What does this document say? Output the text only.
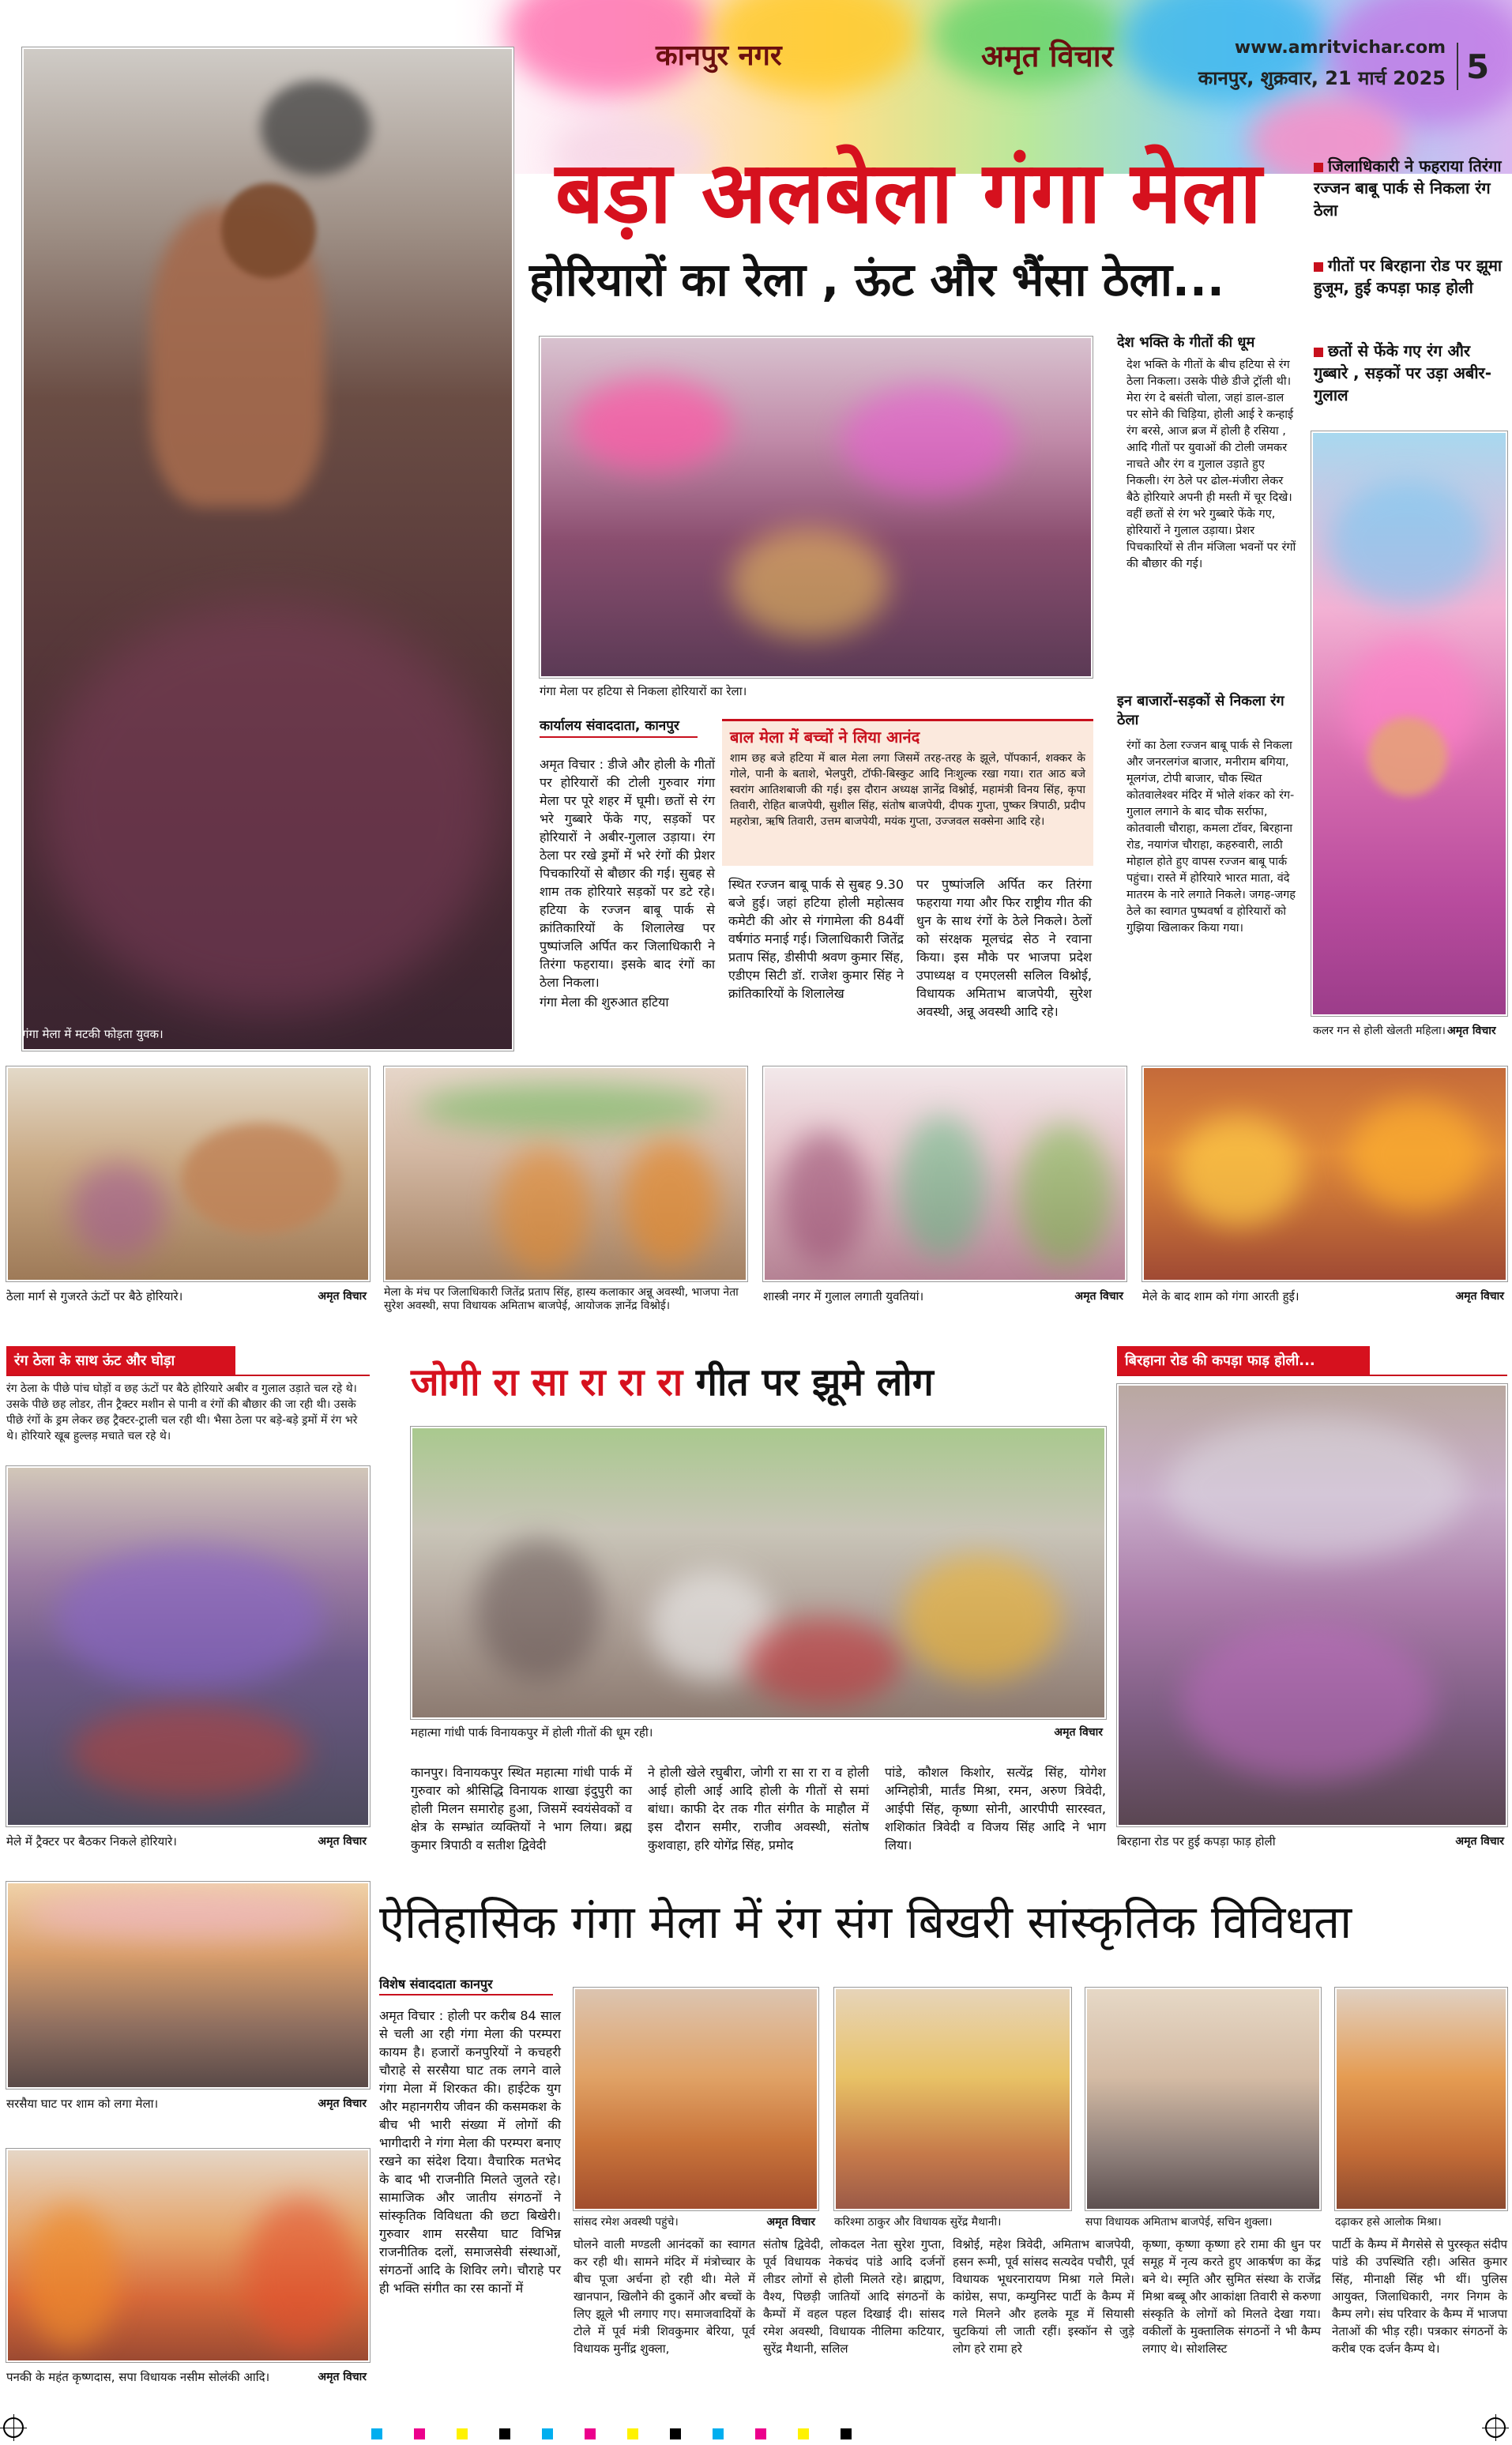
कानपुर नगर	अमृत विचार	www.amritvichar.com
कानपुर, शुक्रवार, 21 मार्च 2025 5
बड़ा अलबेला गंगा मेला
होरियारों का रेला , ऊंट और भैंसा ठेला...
गंगा मेला में मटकी फोड़ता युवक।
गंगा मेला पर हटिया से निकला होरियारों का रेला।
जिलाधिकारी ने फहराया तिरंगा रज्जन बाबू पार्क से निकला रंग ठेला
गीतों पर बिरहाना रोड पर झूमा हुजूम, हुई कपड़ा फाड़ होली
छतों से फेंके गए रंग और गुब्बारे , सड़कों पर उड़ा अबीर-गुलाल
देश भक्ति के गीतों की धूम
देश भक्ति के गीतों के बीच हटिया से रंग ठेला निकला। उसके पीछे डीजे ट्रॉली थी। मेरा रंग दे बसंती चोला, जहां डाल-डाल पर सोने की चिड़िया, होली आई रे कन्हाई रंग बरसे, आज ब्रज में होली है रसिया , आदि गीतों पर युवाओं की टोली जमकर नाचते और रंग व गुलाल उड़ाते हुए निकली। रंग ठेले पर ढोल-मंजीरा लेकर बैठे होरियारे अपनी ही मस्ती में चूर दिखे। वहीं छतों से रंग भरे गुब्बारे फेंके गए, होरियारों ने गुलाल उड़ाया। प्रेशर पिचकारियों से तीन मंजिला भवनों पर रंगों की बौछार की गई।
इन बाजारों-सड़कों से निकला रंग ठेला
रंगों का ठेला रज्जन बाबू पार्क से निकला और जनरलगंज बाजार, मनीराम बगिया, मूलगंज, टोपी बाजार, चौक स्थित कोतवालेश्वर मंदिर में भोले शंकर को रंग-गुलाल लगाने के बाद चौक सर्राफा, कोतवाली चौराहा, कमला टॉवर, बिरहाना रोड, नयागंज चौराहा, कहरुवारी, लाठी मोहाल होते हुए वापस रज्जन बाबू पार्क पहुंचा। रास्ते में होरियारे भारत माता, वंदे मातरम के नारे लगाते निकले। जगह-जगह ठेले का स्वागत पुष्पवर्षा व होरियारों को गुझिया खिलाकर किया गया।
कलर गन से होली खेलती महिला। अमृत विचार
कार्यालय संवाददाता, कानपुर
अमृत विचार : डीजे और होली के गीतों पर होरियारों की टोली गुरुवार गंगा मेला पर पूरे शहर में घूमी। छतों से रंग भरे गुब्बारे फेंके गए, सड़कों पर होरियारों ने अबीर-गुलाल उड़ाया। रंग ठेला पर रखे ड्रमों में भरे रंगों की प्रेशर पिचकारियों से बौछार की गई। सुबह से शाम तक होरियारे सड़कों पर डटे रहे। हटिया के रज्जन बाबू पार्क से क्रांतिकारियों के शिलालेख पर पुष्पांजलि अर्पित कर जिलाधिकारी ने तिरंगा फहराया। इसके बाद रंगों का ठेला निकला।
गंगा मेला की शुरुआत हटिया
स्थित रज्जन बाबू पार्क से सुबह 9.30 बजे हुई। जहां हटिया होली महोत्सव कमेटी की ओर से गंगामेला की 84वीं वर्षगांठ मनाई गई। जिलाधिकारी जितेंद्र प्रताप सिंह, डीसीपी श्रवण कुमार सिंह, एडीएम सिटी डॉ. राजेश कुमार सिंह ने क्रांतिकारियों के शिलालेख
पर पुष्पांजलि अर्पित कर तिरंगा फहराया गया और फिर राष्ट्रीय गीत की धुन के साथ रंगों के ठेले निकले। ठेलों को संरक्षक मूलचंद्र सेठ ने रवाना किया। इस मौके पर भाजपा प्रदेश उपाध्यक्ष व एमएलसी सलिल विश्नोई, विधायक अमिताभ बाजपेयी, सुरेश अवस्थी, अन्नू अवस्थी आदि रहे।
बाल मेला में बच्चों ने लिया आनंद
शाम छह बजे हटिया में बाल मेला लगा जिसमें तरह-तरह के झूले, पॉपकार्न, शक्कर के गोले, पानी के बताशे, भेलपुरी, टॉफी-बिस्कुट आदि निःशुल्क रखा गया। रात आठ बजे स्वरांग आतिशबाजी की गई। इस दौरान अध्यक्ष ज्ञानेंद्र विश्नोई, महामंत्री विनय सिंह, कृपा तिवारी, रोहित बाजपेयी, सुशील सिंह, संतोष बाजपेयी, दीपक गुप्ता, पुष्कर त्रिपाठी, प्रदीप महरोत्रा, ऋषि तिवारी, उत्तम बाजपेयी, मयंक गुप्ता, उज्जवल सक्सेना आदि रहे।
ठेला मार्ग से गुजरते ऊंटों पर बैठे होरियारे।	अमृत विचार मेला के मंच पर जिलाधिकारी जितेंद्र प्रताप सिंह, हास्य कलाकार अन्नू अवस्थी, भाजपा नेता सुरेश अवस्थी, सपा विधायक अमिताभ बाजपेई, आयोजक ज्ञानेंद्र विश्नोई।
शास्त्री नगर में गुलाल लगाती युवतियां।	अमृत विचार मेले के बाद शाम को गंगा आरती हुई।	अमृत विचार
रंग ठेला के साथ ऊंट और घोड़ा
रंग ठेला के पीछे पांच घोड़ों व छह ऊंटों पर बैठे होरियारे अबीर व गुलाल उड़ाते चल रहे थे। उसके पीछे छह लोडर, तीन ट्रैक्टर मशीन से पानी व रंगों की बौछार की जा रही थी। उसके पीछे रंगों के ड्रम लेकर छह ट्रैक्टर-ट्राली चल रही थी। भैसा ठेला पर बड़े-बड़े ड्रमों में रंग भरे थे। होरियारे खूब हुल्लड़ मचाते चल रहे थे।
मेले में ट्रैक्टर पर बैठकर निकले होरियारे।	अमृत विचार
जोगी रा सा रा रा रा गीत पर झूमे लोग
महात्मा गांधी पार्क विनायकपुर में होली गीतों की धूम रही।	अमृत विचार
कानपुर। विनायकपुर स्थित महात्मा गांधी पार्क में गुरुवार को श्रीसिद्धि विनायक शाखा इंदुपुरी का होली मिलन समारोह हुआ, जिसमें स्वयंसेवकों व क्षेत्र के सम्भ्रांत व्यक्तियों ने भाग लिया। ब्रह्म कुमार त्रिपाठी व सतीश द्विवेदी
ने होली खेले रघुबीरा, जोगी रा सा रा रा व होली आई होली आई आदि होली के गीतों से समां बांधा। काफी देर तक गीत संगीत के माहौल में इस दौरान समीर, राजीव अवस्थी, संतोष कुशवाहा, हरि योगेंद्र सिंह, प्रमोद
पांडे, कौशल किशोर, सत्येंद्र सिंह, योगेश अग्निहोत्री, मार्तंड मिश्रा, रमन, अरुण त्रिवेदी, आईपी सिंह, कृष्णा सोनी, आरपीपी सारस्वत, शशिकांत त्रिवेदी व विजय सिंह आदि ने भाग लिया।
बिरहाना रोड की कपड़ा फाड़ होली...
बिरहाना रोड पर हुई कपड़ा फाड़ होली	अमृत विचार
ऐतिहासिक गंगा मेला में रंग संग बिखरी सांस्कृतिक विविधता
सरसैया घाट पर शाम को लगा मेला।	अमृत विचार
पनकी के महंत कृष्णदास, सपा विधायक नसीम सोलंकी आदि।	अमृत विचार
विशेष संवाददाता कानपुर
अमृत विचार : होली पर करीब 84 साल से चली आ रही गंगा मेला की परम्परा कायम है। हजारों कनपुरियों ने कचहरी चौराहे से सरसैया घाट तक लगने वाले गंगा मेला में शिरकत की। हाईटेक युग और महानगरीय जीवन की कसमकश के बीच भी भारी संख्या में लोगों की भागीदारी ने गंगा मेला की परम्परा बनाए रखने का संदेश दिया। वैचारिक मतभेद के बाद भी राजनीति मिलते जुलते रहे। सामाजिक और जातीय संगठनों ने सांस्कृतिक विविधता की छटा बिखेरी। गुरुवार शाम सरसैया घाट विभिन्न राजनीतिक दलों, समाजसेवी संस्थाओं, संगठनों आदि के शिविर लगे। चौराहे पर ही भक्ति संगीत का रस कानों में
सांसद रमेश अवस्थी पहुंचे।	अमृत विचार करिश्मा ठाकुर और विधायक सुरेंद्र मैथानी।	सपा विधायक अमिताभ बाजपेई, सचिन शुक्ला।	दढ़ाकर हसे आलोक मिश्रा।
घोलने वाली मण्डली आनंदकों का स्वागत कर रही थी। सामने मंदिर में मंत्रोच्चार के बीच पूजा अर्चना हो रही थी। मेले में खानपान, खिलौने की दुकानें और बच्चों के लिए झूले भी लगाए गए। समाजवादियों के टोले में पूर्व मंत्री शिवकुमार बेरिया, पूर्व विधायक मुनींद्र शुक्ला,
संतोष द्विवेदी, लोकदल नेता सुरेश गुप्ता, पूर्व विधायक नेकचंद पांडे आदि दर्जनों लीडर लोगों से होली मिलते रहे। ब्राह्मण, वैश्य, पिछड़ी जातियों आदि संगठनों के कैम्पों में वहल पहल दिखाई दी। सांसद रमेश अवस्थी, विधायक नीलिमा कटियार, सुरेंद्र मैथानी, सलिल
विश्नोई, महेश त्रिवेदी, अमिताभ बाजपेयी, हसन रूमी, पूर्व सांसद सत्यदेव पचौरी, पूर्व विधायक भूधरनारायण मिश्रा गले मिले। कांग्रेस, सपा, कम्युनिस्ट पार्टी के कैम्प में गले मिलने और हलके मूड में सियासी चुटकियां ली जाती रहीं। इस्कॉन से जुड़े लोग हरे रामा हरे
कृष्णा, कृष्णा कृष्णा हरे रामा की धुन पर समूह में नृत्य करते हुए आकर्षण का केंद्र बने थे। स्मृति और सुमित संस्था के राजेंद्र मिश्रा बब्बू और आकांक्षा तिवारी से करुणा संस्कृति के लोगों को मिलते देखा गया। वकीलों के मुक्तालिक संगठनों ने भी कैम्प लगाए थे। सोशलिस्ट
पार्टी के कैम्प में मैगसेसे से पुरस्कृत संदीप पांडे की उपस्थिति रही। असित कुमार सिंह, मीनाक्षी सिंह भी थीं। पुलिस आयुक्त, जिलाधिकारी, नगर निगम के कैम्प लगे। संघ परिवार के कैम्प में भाजपा नेताओं की भीड़ रही। पत्रकार संगठनों के करीब एक दर्जन कैम्प थे।
